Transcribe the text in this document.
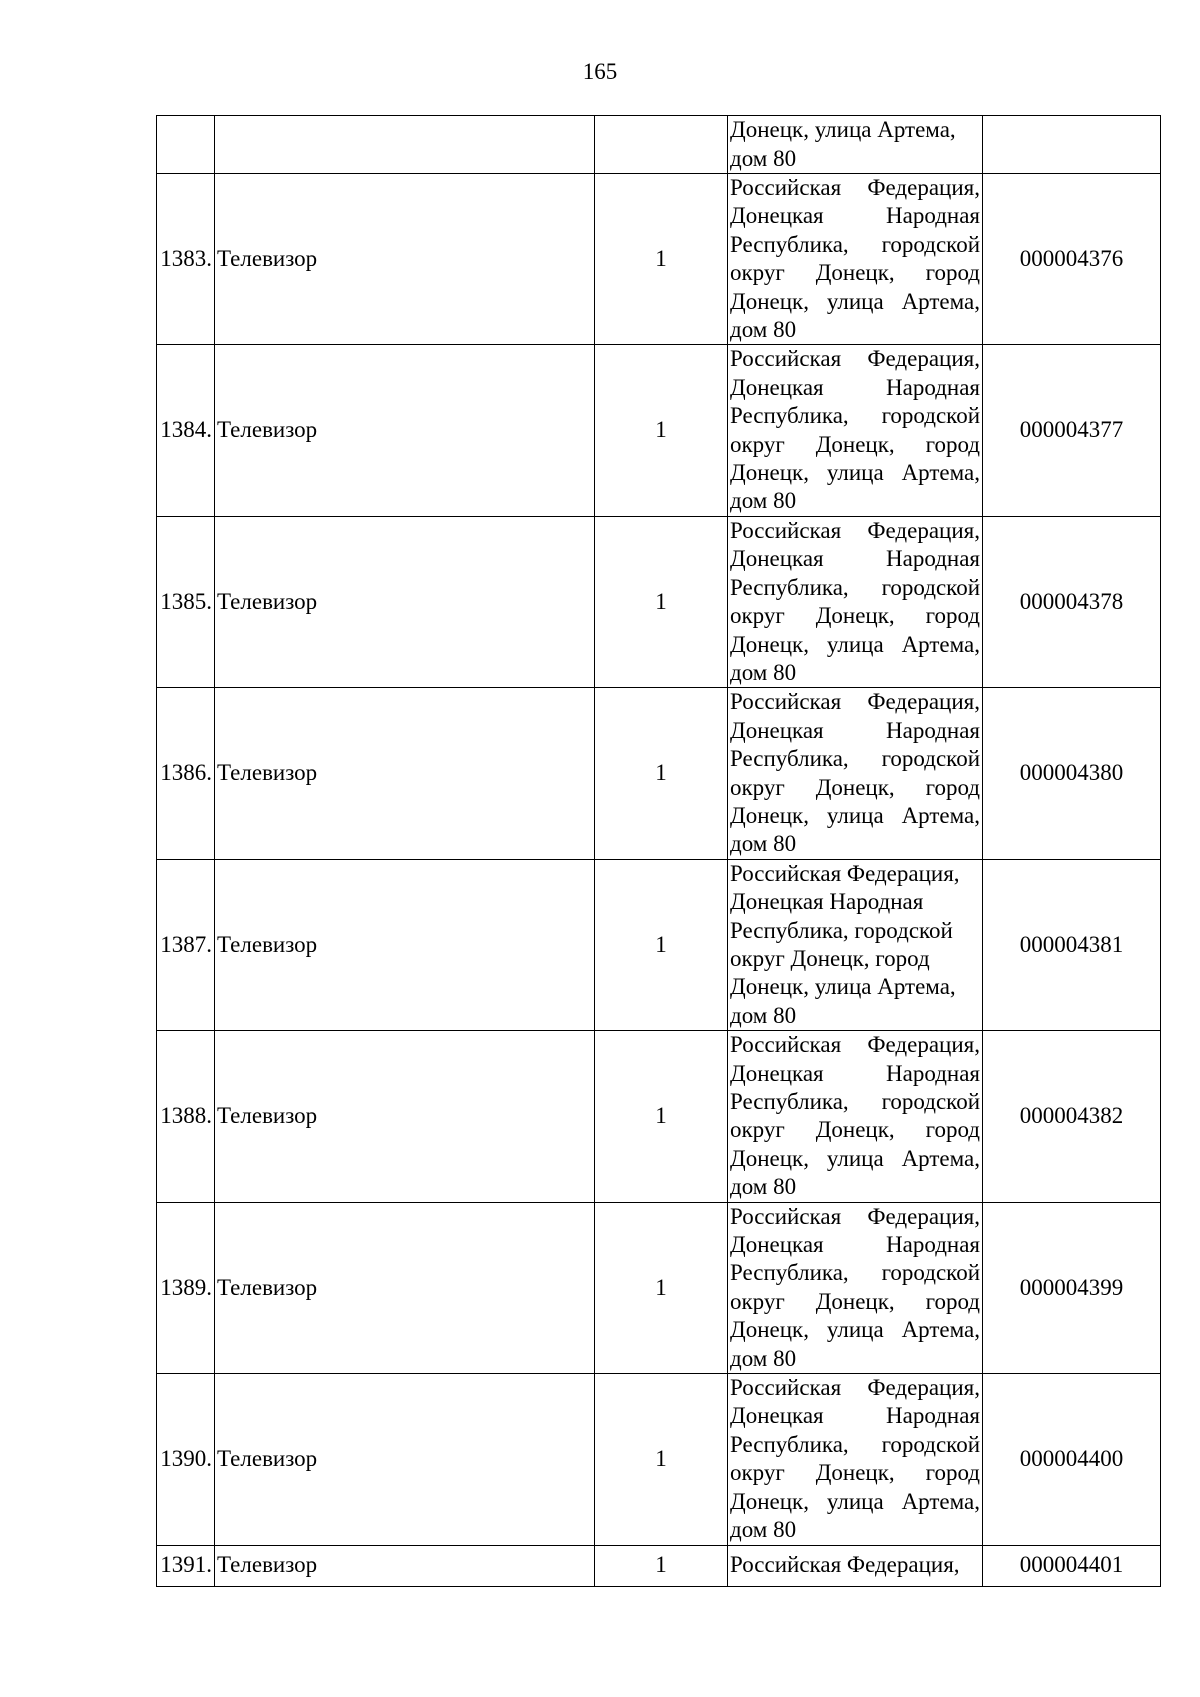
165
			Донецк, улица Артема, дом 80	
1383.	Телевизор	1	Российская Федерация, Донецкая Народная Республика, городской округ Донецк, город Донецк, улица Артема, дом 80	000004376
1384.	Телевизор	1	Российская Федерация, Донецкая Народная Республика, городской округ Донецк, город Донецк, улица Артема, дом 80	000004377
1385.	Телевизор	1	Российская Федерация, Донецкая Народная Республика, городской округ Донецк, город Донецк, улица Артема, дом 80	000004378
1386.	Телевизор	1	Российская Федерация, Донецкая Народная Республика, городской округ Донецк, город Донецк, улица Артема, дом 80	000004380
1387.	Телевизор	1	Российская Федерация, Донецкая Народная Республика, городской округ Донецк, город Донецк, улица Артема, дом 80	000004381
1388.	Телевизор	1	Российская Федерация, Донецкая Народная Республика, городской округ Донецк, город Донецк, улица Артема, дом 80	000004382
1389.	Телевизор	1	Российская Федерация, Донецкая Народная Республика, городской округ Донецк, город Донецк, улица Артема, дом 80	000004399
1390.	Телевизор	1	Российская Федерация, Донецкая Народная Республика, городской округ Донецк, город Донецк, улица Артема, дом 80	000004400
1391.	Телевизор	1	Российская Федерация,	000004401
